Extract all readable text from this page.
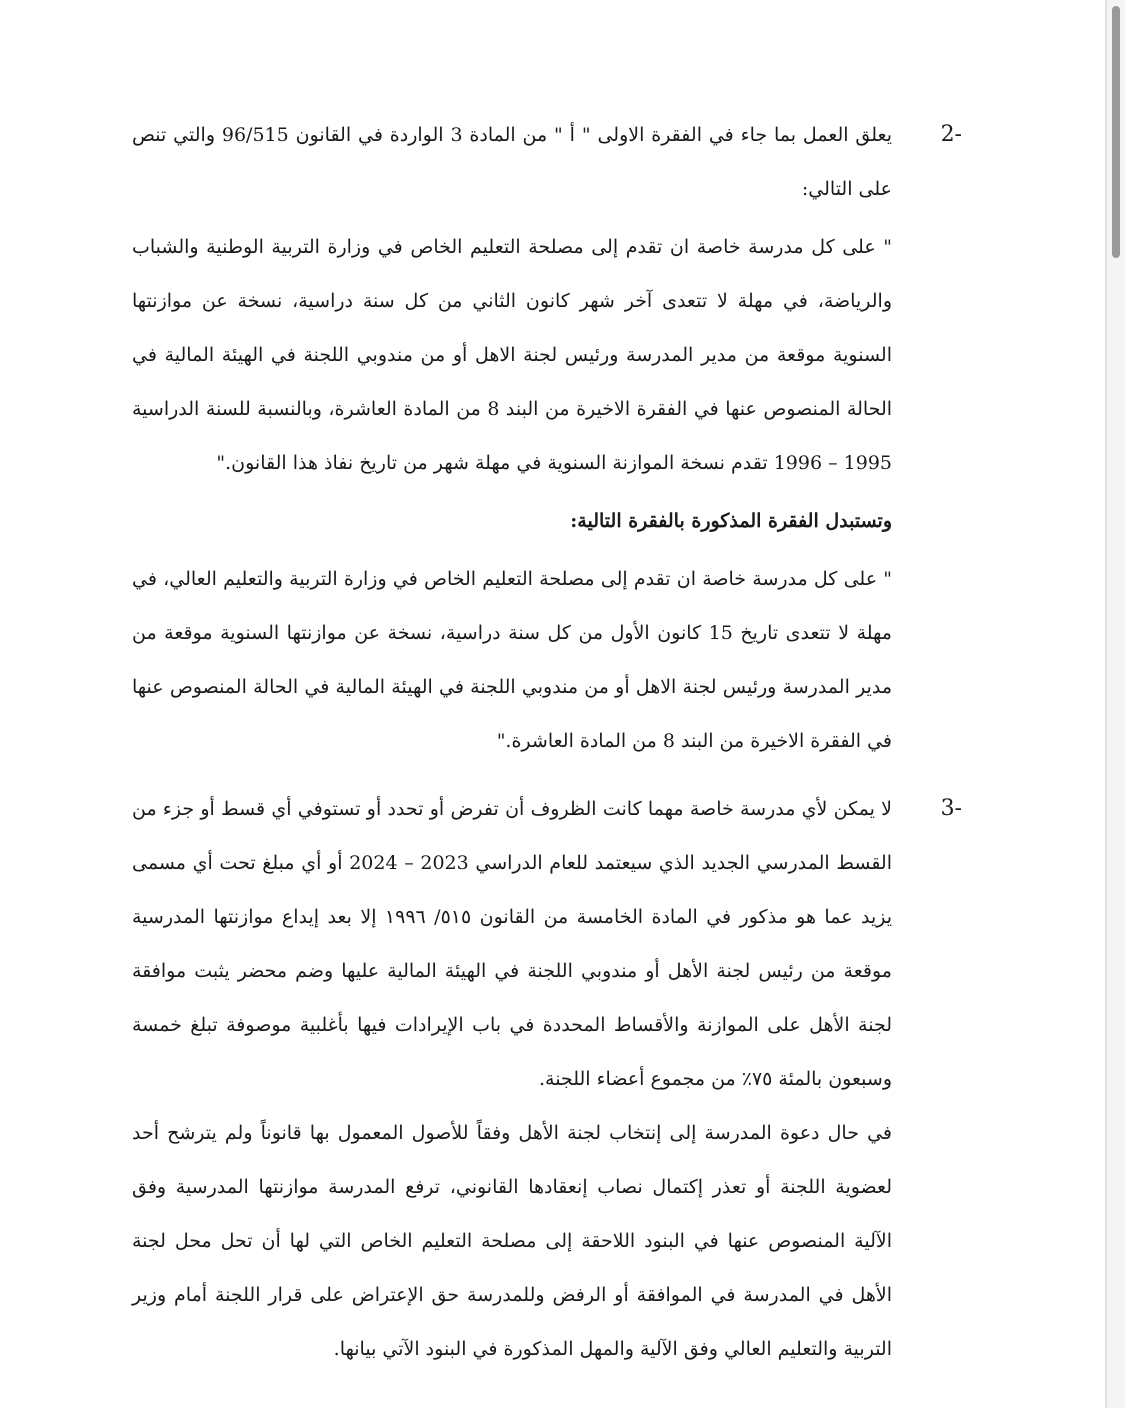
2-

يعلق العمل بما جاء في الفقرة الاولى " أ " من المادة 3 الواردة في القانون 96/515 والتي تنص على التالي:

" على كل مدرسة خاصة ان تقدم إلى مصلحة التعليم الخاص في وزارة التربية الوطنية والشباب والرياضة، في مهلة لا تتعدى آخر شهر كانون الثاني من كل سنة دراسية، نسخة عن موازنتها السنوية موقعة من مدير المدرسة ورئيس لجنة الاهل أو من مندوبي اللجنة في الهيئة المالية في الحالة المنصوص عنها في الفقرة الاخيرة من البند 8 من المادة العاشرة، وبالنسبة للسنة الدراسية 1995 – 1996 تقدم نسخة الموازنة السنوية في مهلة شهر من تاريخ نفاذ هذا القانون."

وتستبدل الفقرة المذكورة بالفقرة التالية:

" على كل مدرسة خاصة ان تقدم إلى مصلحة التعليم الخاص في وزارة التربية والتعليم العالي، في مهلة لا تتعدى تاريخ 15 كانون الأول من كل سنة دراسية، نسخة عن موازنتها السنوية موقعة من مدير المدرسة ورئيس لجنة الاهل أو من مندوبي اللجنة في الهيئة المالية في الحالة المنصوص عنها في الفقرة الاخيرة من البند 8 من المادة العاشرة."

3-

لا يمكن لأي مدرسة خاصة مهما كانت الظروف أن تفرض أو تحدد أو تستوفي أي قسط أو جزء من القسط المدرسي الجديد الذي سيعتمد للعام الدراسي 2023 – 2024 أو أي مبلغ تحت أي مسمى يزيد عما هو مذكور في المادة الخامسة من القانون ٥١٥/ ١٩٩٦ إلا بعد إيداع موازنتها المدرسية موقعة من رئيس لجنة الأهل أو مندوبي اللجنة في الهيئة المالية عليها وضم محضر يثبت موافقة لجنة الأهل على الموازنة والأقساط المحددة في باب الإيرادات فيها بأغلبية موصوفة تبلغ خمسة وسبعون بالمئة ٧٥٪ من مجموع أعضاء اللجنة.

في حال دعوة المدرسة إلى إنتخاب لجنة الأهل وفقاً للأصول المعمول بها قانوناً ولم يترشح أحد لعضوية اللجنة أو تعذر إكتمال نصاب إنعقادها القانوني، ترفع المدرسة موازنتها المدرسية وفق الآلية المنصوص عنها في البنود اللاحقة إلى مصلحة التعليم الخاص التي لها أن تحل محل لجنة الأهل في المدرسة في الموافقة أو الرفض وللمدرسة حق الإعتراض على قرار اللجنة أمام وزير التربية والتعليم العالي وفق الآلية والمهل المذكورة في البنود الآتي بيانها.
